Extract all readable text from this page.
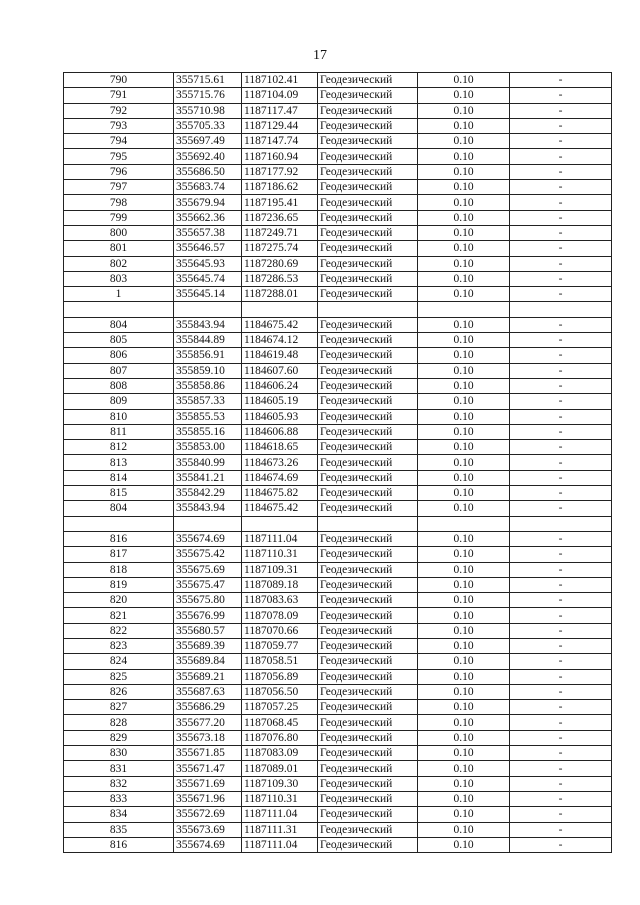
17
790	355715.61	1187102.41	Геодезический	0.10	-
791	355715.76	1187104.09	Геодезический	0.10	-
792	355710.98	1187117.47	Геодезический	0.10	-
793	355705.33	1187129.44	Геодезический	0.10	-
794	355697.49	1187147.74	Геодезический	0.10	-
795	355692.40	1187160.94	Геодезический	0.10	-
796	355686.50	1187177.92	Геодезический	0.10	-
797	355683.74	1187186.62	Геодезический	0.10	-
798	355679.94	1187195.41	Геодезический	0.10	-
799	355662.36	1187236.65	Геодезический	0.10	-
800	355657.38	1187249.71	Геодезический	0.10	-
801	355646.57	1187275.74	Геодезический	0.10	-
802	355645.93	1187280.69	Геодезический	0.10	-
803	355645.74	1187286.53	Геодезический	0.10	-
1	355645.14	1187288.01	Геодезический	0.10	-

804	355843.94	1184675.42	Геодезический	0.10	-
805	355844.89	1184674.12	Геодезический	0.10	-
806	355856.91	1184619.48	Геодезический	0.10	-
807	355859.10	1184607.60	Геодезический	0.10	-
808	355858.86	1184606.24	Геодезический	0.10	-
809	355857.33	1184605.19	Геодезический	0.10	-
810	355855.53	1184605.93	Геодезический	0.10	-
811	355855.16	1184606.88	Геодезический	0.10	-
812	355853.00	1184618.65	Геодезический	0.10	-
813	355840.99	1184673.26	Геодезический	0.10	-
814	355841.21	1184674.69	Геодезический	0.10	-
815	355842.29	1184675.82	Геодезический	0.10	-
804	355843.94	1184675.42	Геодезический	0.10	-

816	355674.69	1187111.04	Геодезический	0.10	-
817	355675.42	1187110.31	Геодезический	0.10	-
818	355675.69	1187109.31	Геодезический	0.10	-
819	355675.47	1187089.18	Геодезический	0.10	-
820	355675.80	1187083.63	Геодезический	0.10	-
821	355676.99	1187078.09	Геодезический	0.10	-
822	355680.57	1187070.66	Геодезический	0.10	-
823	355689.39	1187059.77	Геодезический	0.10	-
824	355689.84	1187058.51	Геодезический	0.10	-
825	355689.21	1187056.89	Геодезический	0.10	-
826	355687.63	1187056.50	Геодезический	0.10	-
827	355686.29	1187057.25	Геодезический	0.10	-
828	355677.20	1187068.45	Геодезический	0.10	-
829	355673.18	1187076.80	Геодезический	0.10	-
830	355671.85	1187083.09	Геодезический	0.10	-
831	355671.47	1187089.01	Геодезический	0.10	-
832	355671.69	1187109.30	Геодезический	0.10	-
833	355671.96	1187110.31	Геодезический	0.10	-
834	355672.69	1187111.04	Геодезический	0.10	-
835	355673.69	1187111.31	Геодезический	0.10	-
816	355674.69	1187111.04	Геодезический	0.10	-
